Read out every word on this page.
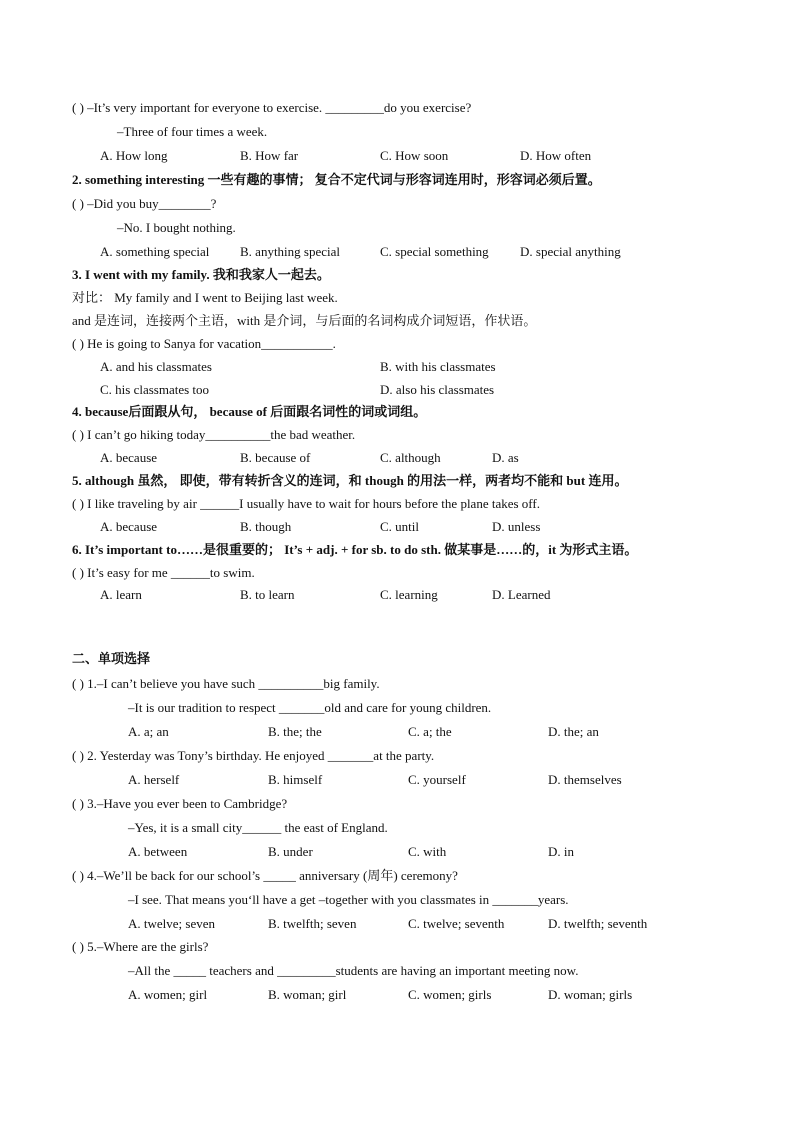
( ) –It’s very important for everyone to exercise. _________do you exercise?
–Three of four times a week.
A. How long	B. How far	C. How soon	D. How often
2. something interesting 一些有趣的事情； 复合不定代词与形容词连用时，形容词必须后置。
( ) –Did you buy________?
–No. I bought nothing.
A. something special B. anything special	C. special something D. special anything
3. I went with my family. 我和我家人一起去。
对比： My family and I went to Beijing last week.
and 是连词，连接两个主语，with 是介词，与后面的名词构成介词短语，作状语。
( ) He is going to Sanya for vacation___________.
A. and his classmates	B. with his classmates
C. his classmates too	D. also his classmates
4. because后面跟从句， because of 后面跟名词性的词或词组。
( ) I can’t go hiking today__________the bad weather.
A. because	B. because of	C. although	D. as
5. although 虽然， 即使，带有转折含义的连词，和 though 的用法一样，两者均不能和 but 连用。
( ) I like traveling by air ______I usually have to wait for hours before the plane takes off.
A. because	B. though	C. until	D. unless
6. It’s important to……是很重要的； It’s + adj. + for sb. to do sth. 做某事是……的，it 为形式主语。
( ) It’s easy for me ______to swim.
A. learn	B. to learn	C. learning	D. Learned
二、单项选择
( ) 1.–I can’t believe you have such __________big family.
–It is our tradition to respect _______old and care for young children.
A. a; an	B. the; the	C. a; the	D. the; an
( ) 2. Yesterday was Tony’s birthday. He enjoyed _______at the party.
A. herself	B. himself	C. yourself	D. themselves
( ) 3.–Have you ever been to Cambridge?
–Yes, it is a small city______ the east of England.
A. between	B. under	C. with	D. in
( ) 4.–We’ll be back for our school’s _____ anniversary (周年) ceremony?
–I see. That means you‘ll have a get –together with you classmates in _______years.
A. twelve; seven	B. twelfth; seven	C. twelve; seventh	D. twelfth; seventh
( ) 5.–Where are the girls?
–All the _____ teachers and _________students are having an important meeting now.
A. women; girl	B. woman; girl	C. women; girls	D. woman; girls
